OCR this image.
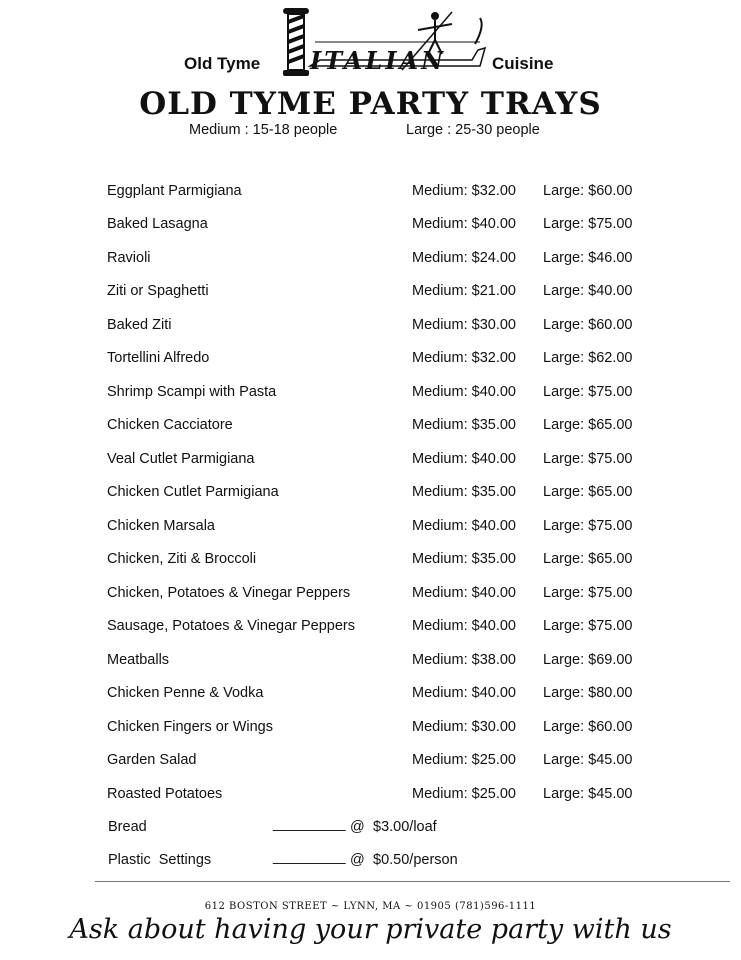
Old Tyme ITALIAN	Cuisine
OLD TYME PARTY TRAYS
Medium : 15-18 people	Large : 25-30 people
Eggplant Parmigiana	Medium: $32.00 Large: $60.00
Baked Lasagna	Medium: $40.00 Large: $75.00
Ravioli	Medium: $24.00 Large: $46.00
Ziti or Spaghetti	Medium: $21.00 Large: $40.00
Baked Ziti	Medium: $30.00 Large: $60.00
Tortellini Alfredo	Medium: $32.00 Large: $62.00
Shrimp Scampi with Pasta	Medium: $40.00 Large: $75.00
Chicken Cacciatore	Medium: $35.00 Large: $65.00
Veal Cutlet Parmigiana	Medium: $40.00 Large: $75.00
Chicken Cutlet Parmigiana	Medium: $35.00 Large: $65.00
Chicken Marsala	Medium: $40.00 Large: $75.00
Chicken, Ziti & Broccoli	Medium: $35.00 Large: $65.00
Chicken, Potatoes & Vinegar Peppers	Medium: $40.00 Large: $75.00
Sausage, Potatoes & Vinegar Peppers	Medium: $40.00 Large: $75.00
Meatballs	Medium: $38.00 Large: $69.00
Chicken Penne & Vodka	Medium: $40.00 Large: $80.00
Chicken Fingers or Wings	Medium: $30.00 Large: $60.00
Garden Salad	Medium: $25.00 Large: $45.00
Roasted Potatoes	Medium: $25.00 Large: $45.00
Bread	_________ @ $3.00/loaf
Plastic  Settings	_________ @ $0.50/person
612 BOSTON STREET ~ LYNN, MA ~ 01905 (781)596-1111
Ask about having your private party with us
